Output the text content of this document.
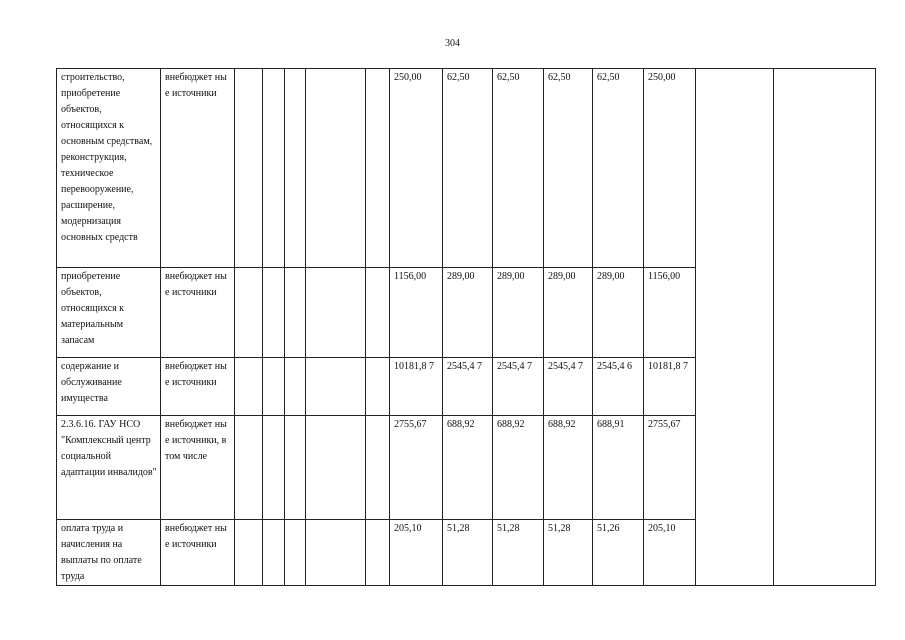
304
строительство, приобретение объектов, относящихся к основным средствам, реконструкция, техническое перевооружение, расширение, модернизация основных средств	внебюджет ные источники						250,00	62,50	62,50	62,50	62,50	250,00		
приобретение объектов, относящихся к материальным запасам	внебюджет ные источники						1156,00	289,00	289,00	289,00	289,00	1156,00		
содержание и обслуживание имущества	внебюджет ные источники						10181,8 7	2545,4 7	2545,4 7	2545,4 7	2545,4 6	10181,8 7		
2.3.6.16. ГАУ НСО "Комплексный центр социальной адаптации инвалидов"	внебюджет ные источники, в том числе						2755,67	688,92	688,92	688,92	688,91	2755,67		
оплата труда и начисления на выплаты по оплате труда	внебюджет ные источники						205,10	51,28	51,28	51,28	51,26	205,10		
